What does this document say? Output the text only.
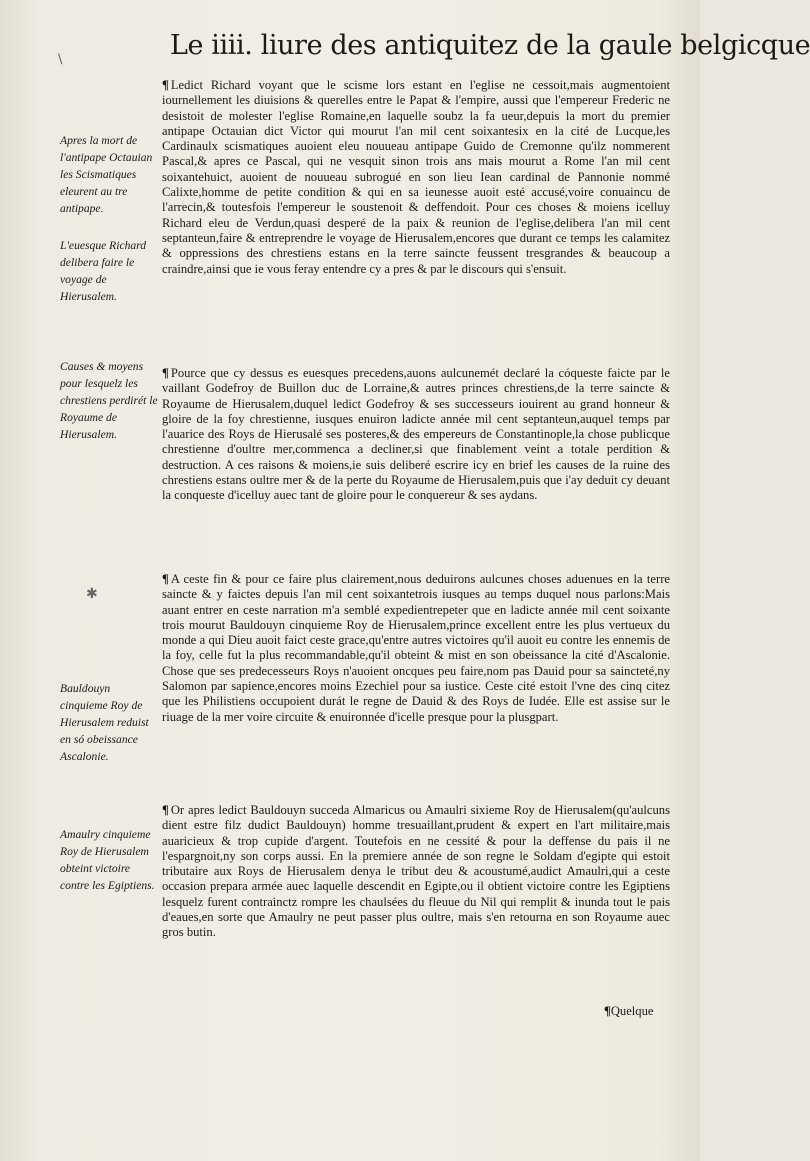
\	Le iiii. liure des antiquitez de la gaule belgicque
¶ Ledict Richard voyant que le scisme lors estant en l'eglise ne cessoit,mais augmentoient iournellement les diuisions & querelles entre le Papat & l'empire, aussi que l'empereur Frederic ne desistoit de molester l'eglise Romaine,en laquelle soubz la fa ueur,depuis la mort du premier antipape Octauian dict Victor qui mourut l'an mil cent soixantesix en la cité de Lucque,les Cardinaulx scismatiques auoient eleu nouueau antipape Guido de Cremonne qu'ilz nommerent Pascal,& apres ce Pascal, qui ne vesquit sinon trois ans mais mourut a Rome l'an mil cent soixantehuict, auoient de nouueau subrogué en son lieu Iean cardinal de Pannonie nommé Calixte,homme de petite condition & qui en sa ieunesse auoit esté accusé,voire conuaincu de l'arrecin,& toutesfois l'empereur le soustenoit & deffendoit. Pour ces choses & moiens icelluy Richard eleu de Verdun,quasi desperé de la paix & reunion de l'eglise,delibera l'an mil cent septanteun,faire & entreprendre le voyage de Hierusalem,encores que durant ce temps les calamitez & oppressions des chrestiens estans en la terre saincte feussent tresgrandes & beaucoup a craindre,ainsi que ie vous feray entendre cy a pres & par le discours qui s'ensuit.
¶ Pource que cy dessus es euesques precedens,auons aulcunemét declaré la cóqueste faicte par le vaillant Godefroy de Buillon duc de Lorraine,& autres princes chrestiens,de la terre saincte & Royaume de Hierusalem,duquel ledict Godefroy & ses successeurs iouirent au grand honneur & gloire de la foy chrestienne, iusques enuiron ladicte année mil cent septanteun,auquel temps par l'auarice des Roys de Hierusalé ses posteres,& des empereurs de Constantinople,la chose publicque chrestienne d'oultre mer,commenca a decliner,si que finablement veint a totale perdition & destruction. A ces raisons & moiens,ie suis deliberé escrire icy en brief les causes de la ruine des chrestiens estans oultre mer & de la perte du Royaume de Hierusalem,puis que i'ay deduit cy deuant la conqueste d'icelluy auec tant de gloire pour le conquereur & ses aydans.
¶ A ceste fin & pour ce faire plus clairement,nous deduirons aulcunes choses aduenues en la terre saincte & y faictes depuis l'an mil cent soixantetrois iusques au temps duquel nous parlons:Mais auant entrer en ceste narration m'a semblé expedientrepeter que en ladicte année mil cent soixante trois mourut Bauldouyn cinquieme Roy de Hierusalem,prince excellent entre les plus vertueux du monde a qui Dieu auoit faict ceste grace,qu'entre autres victoires qu'il auoit eu contre les ennemis de la foy, celle fut la plus recommandable,qu'il obteint & mist en son obeissance la cité d'Ascalonie. Chose que ses predecesseurs Roys n'auoient oncques peu faire,nom pas Dauid pour sa saincteté,ny Salomon par sapience,encores moins Ezechiel pour sa iustice. Ceste cité estoit l'vne des cinq citez que les Philistiens occupoient durát le regne de Dauid & des Roys de Iudée. Elle est assise sur le riuage de la mer voire circuite & enuironnée d'icelle presque pour la plusgpart.
¶ Or apres ledict Bauldouyn succeda Almaricus ou Amaulri sixieme Roy de Hierusalem(qu'aulcuns dient estre filz dudict Bauldouyn) homme tresuaillant,prudent & expert en l'art militaire,mais auaricieux & trop cupide d'argent. Toutefois en ne cessité & pour la deffense du pais il ne l'espargnoit,ny son corps aussi. En la premiere année de son regne le Soldam d'egipte qui estoit tributaire aux Roys de Hierusalem denya le tribut deu & acoustumé,audict Amaulri,qui a ceste occasion prepara armée auec laquelle descendit en Egipte,ou il obtient victoire contre les Egiptiens lesquelz furent contrainctz rompre les chaulsées du fleuue du Nil qui remplit & inunda tout le pais d'eaues,en sorte que Amaulry ne peut passer plus oultre, mais s'en retourna en son Royaume auec gros butin.
Apres la mort de l'antipape Octauian les Scismatiques eleurent au tre antipape.
L'euesque Richard delibera faire le voyage de Hierusalem.
Causes & moyens pour lesquelz les chrestiens perdirét le Royaume de Hierusalem.
Bauldouyn cinquieme Roy de Hierusalem reduist en só obeissance Ascalonie.
Amaulry cinquieme Roy de Hierusalem obteint victoire contre les Egiptiens.
✱
¶Quelque
